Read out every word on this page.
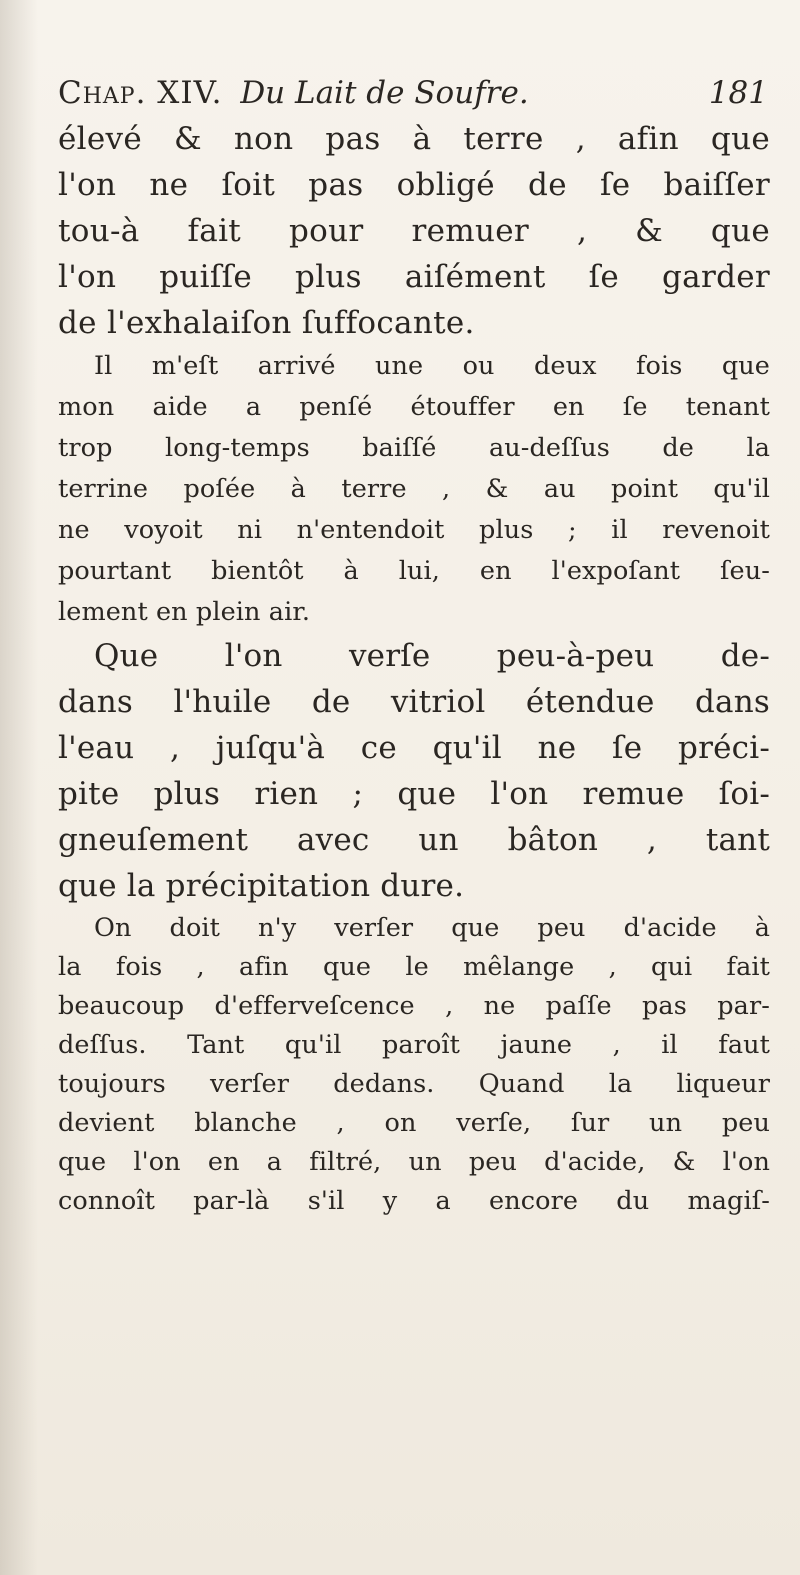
Chap. XIV. Du Lait de Soufre.	181
élevé & non pas à terre , afin que
l'on ne ſoit pas obligé de ſe baiſſer
tou-à fait pour remuer , & que
l'on puiſſe plus aiſément ſe garder
de l'exhalaiſon ſuffocante.
Il m'eſt arrivé une ou deux fois que
mon aide a penſé étouffer en ſe tenant
trop long-temps baiſſé au-deſſus de la
terrine poſée à terre , & au point qu'il
ne voyoit ni n'entendoit plus ; il revenoit
pourtant bientôt à lui, en l'expoſant ſeu-
lement en plein air.
Que l'on verſe peu-à-peu de-
dans l'huile de vitriol étendue dans
l'eau , juſqu'à ce qu'il ne ſe préci-
pite plus rien ; que l'on remue ſoi-
gneuſement avec un bâton , tant
que la précipitation dure.
On doit n'y verſer que peu d'acide à
la fois , afin que le mêlange , qui fait
beaucoup d'efferveſcence , ne paſſe pas par-
deſſus. Tant qu'il paroît jaune , il faut
toujours verſer dedans. Quand la liqueur
devient blanche , on verſe, ſur un peu
que l'on en a filtré, un peu d'acide, & l'on
connoît par-là s'il y a encore du magiſ-
